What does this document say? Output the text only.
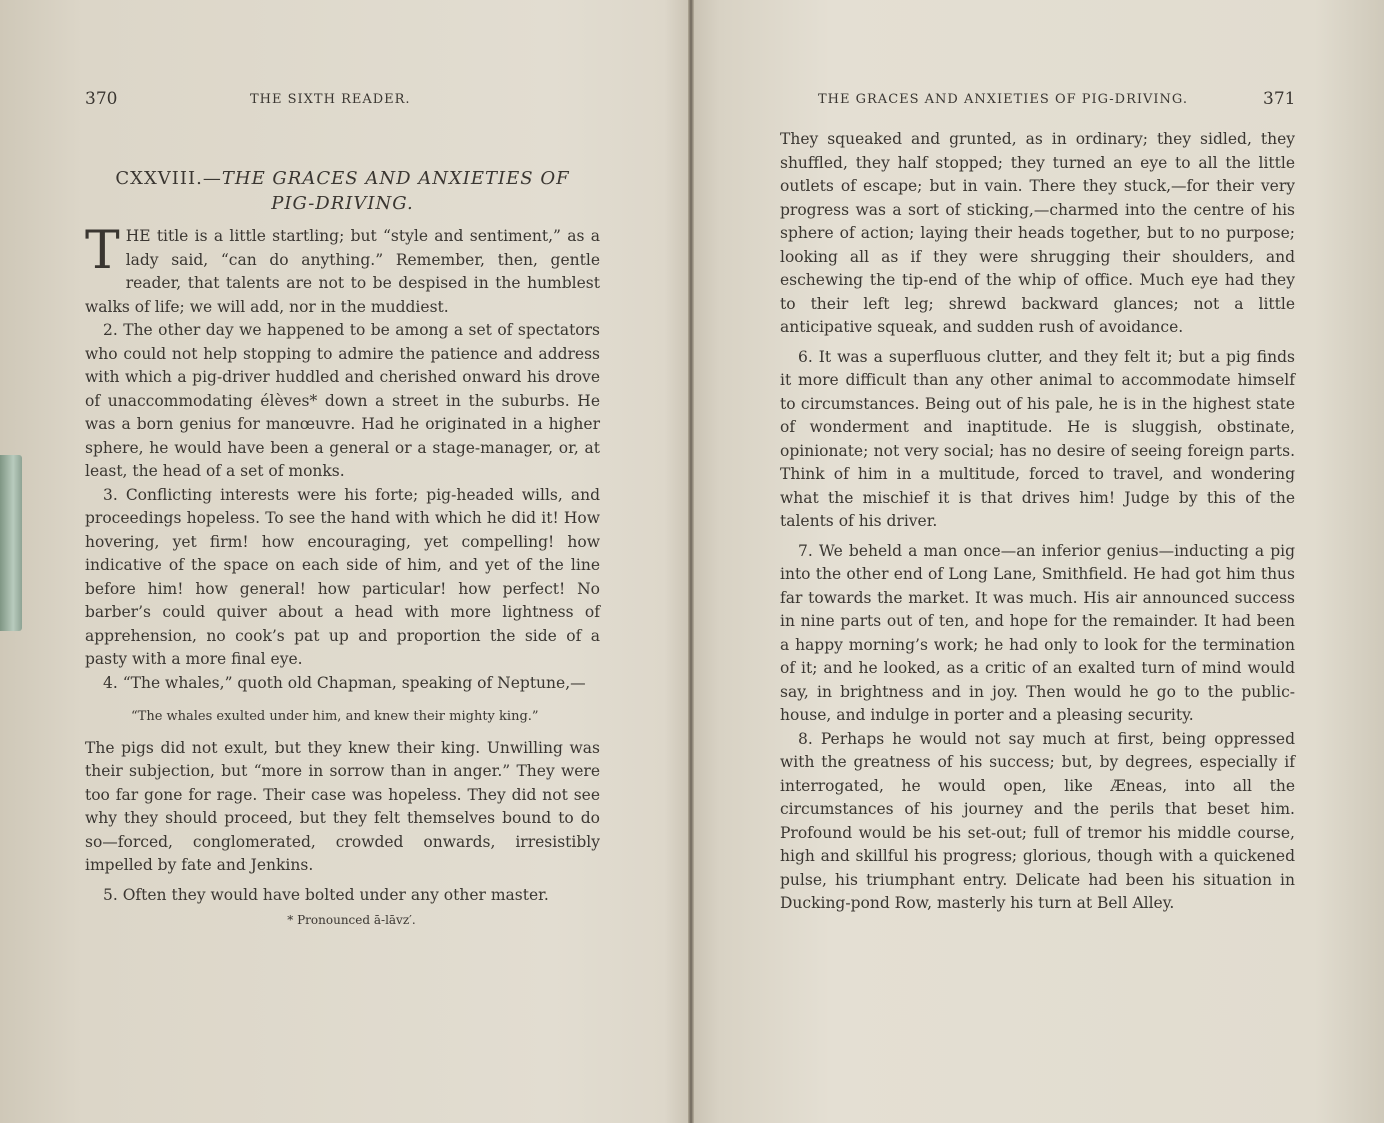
370	THE SIXTH READER.
CXXVIII.—THE GRACES AND ANXIETIES OF
PIG-DRIVING.

THE title is a little startling; but “style and sentiment,” as a lady said, “can do anything.” Remember, then, gentle reader, that talents are not to be despised in the humblest walks of life; we will add, nor in the muddiest.

2. The other day we happened to be among a set of spectators who could not help stopping to admire the patience and address with which a pig-driver huddled and cherished onward his drove of unaccommodating élèves* down a street in the suburbs. He was a born genius for manœuvre. Had he originated in a higher sphere, he would have been a general or a stage-manager, or, at least, the head of a set of monks.

3. Conflicting interests were his forte; pig-headed wills, and proceedings hopeless. To see the hand with which he did it! How hovering, yet firm! how encouraging, yet compelling! how indicative of the space on each side of him, and yet of the line before him! how general! how particular! how perfect! No barber’s could quiver about a head with more lightness of apprehension, no cook’s pat up and proportion the side of a pasty with a more final eye.

4. “The whales,” quoth old Chapman, speaking of Neptune,—

“The whales exulted under him, and knew their mighty king.”

The pigs did not exult, but they knew their king. Unwilling was their subjection, but “more in sorrow than in anger.” They were too far gone for rage. Their case was hopeless. They did not see why they should proceed, but they felt themselves bound to do so—forced, conglomerated, crowded onwards, irresistibly impelled by fate and Jenkins.

5. Often they would have bolted under any other master.

* Pronounced ā-lāvz′.

THE GRACES AND ANXIETIES OF PIG-DRIVING.	371

They squeaked and grunted, as in ordinary; they sidled, they shuffled, they half stopped; they turned an eye to all the little outlets of escape; but in vain. There they stuck,—for their very progress was a sort of sticking,—charmed into the centre of his sphere of action; laying their heads together, but to no purpose; looking all as if they were shrugging their shoulders, and eschewing the tip-end of the whip of office. Much eye had they to their left leg; shrewd backward glances; not a little anticipative squeak, and sudden rush of avoidance.

6. It was a superfluous clutter, and they felt it; but a pig finds it more difficult than any other animal to accommodate himself to circumstances. Being out of his pale, he is in the highest state of wonderment and inaptitude. He is sluggish, obstinate, opinionate; not very social; has no desire of seeing foreign parts. Think of him in a multitude, forced to travel, and wondering what the mischief it is that drives him! Judge by this of the talents of his driver.

7. We beheld a man once—an inferior genius—inducting a pig into the other end of Long Lane, Smithfield. He had got him thus far towards the market. It was much. His air announced success in nine parts out of ten, and hope for the remainder. It had been a happy morning’s work; he had only to look for the termination of it; and he looked, as a critic of an exalted turn of mind would say, in brightness and in joy. Then would he go to the public-house, and indulge in porter and a pleasing security.

8. Perhaps he would not say much at first, being oppressed with the greatness of his success; but, by degrees, especially if interrogated, he would open, like Æneas, into all the circumstances of his journey and the perils that beset him. Profound would be his set-out; full of tremor his middle course, high and skillful his progress; glorious, though with a quickened pulse, his triumphant entry. Delicate had been his situation in Ducking-pond Row, masterly his turn at Bell Alley.
